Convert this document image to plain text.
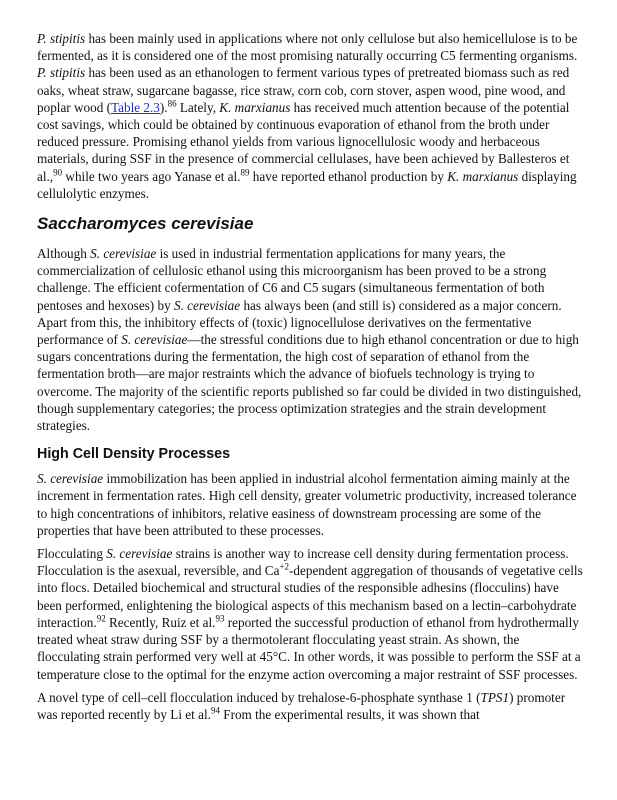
P. stipitis has been mainly used in applications where not only cellulose but also hemicellulose is to be fermented, as it is considered one of the most promising naturally occurring C5 fermenting organisms. P. stipitis has been used as an ethanologen to ferment various types of pretreated biomass such as red oaks, wheat straw, sugarcane bagasse, rice straw, corn cob, corn stover, aspen wood, pine wood, and poplar wood (Table 2.3).$^{86}$ Lately, K. marxianus has received much attention because of the potential cost savings, which could be obtained by continuous evaporation of ethanol from the broth under reduced pressure. Promising ethanol yields from various lignocellulosic woody and herbaceous materials, during SSF in the presence of commercial cellulases, have been achieved by Ballesteros et al.,$^{90}$ while two years ago Yanase et al.$^{89}$ have reported ethanol production by K. marxianus displaying cellulolytic enzymes.

Saccharomyces cerevisiae

Although S. cerevisiae is used in industrial fermentation applications for many years, the commercialization of cellulosic ethanol using this microorganism has been proved to be a strong challenge. The efficient cofermentation of C6 and C5 sugars (simultaneous fermentation of both pentoses and hexoses) by S. cerevisiae has always been (and still is) considered as a major concern. Apart from this, the inhibitory effects of (toxic) lignocellulose derivatives on the fermentative performance of S. cerevisiae—the stressful conditions due to high ethanol concentration or due to high sugars concentrations during the fermentation, the high cost of separation of ethanol from the fermentation broth—are major restraints which the advance of biofuels technology is trying to overcome. The majority of the scientific reports published so far could be divided in two distinguished, though supplementary categories; the process optimization strategies and the strain development strategies.

High Cell Density Processes

S. cerevisiae immobilization has been applied in industrial alcohol fermentation aiming mainly at the increment in fermentation rates. High cell density, greater volumetric productivity, increased tolerance to high concentrations of inhibitors, relative easiness of downstream processing are some of the properties that have been attributed to these processes.

Flocculating S. cerevisiae strains is another way to increase cell density during fermentation process. Flocculation is the asexual, reversible, and $Ca^{+2}$-dependent aggregation of thousands of vegetative cells into flocs. Detailed biochemical and structural studies of the responsible adhesins (flocculins) have been performed, enlightening the biological aspects of this mechanism based on a lectin–carbohydrate interaction.$^{92}$ Recently, Ruiz et al.$^{93}$ reported the successful production of ethanol from hydrothermally treated wheat straw during SSF by a thermotolerant flocculating yeast strain. As shown, the flocculating strain performed very well at 45°C. In other words, it was possible to perform the SSF at a temperature close to the optimal for the enzyme action overcoming a major restraint of SSF processes.

A novel type of cell–cell flocculation induced by trehalose-6-phosphate synthase 1 (TPS1) promoter was reported recently by Li et al.$^{94}$ From the experimental results, it was shown that
